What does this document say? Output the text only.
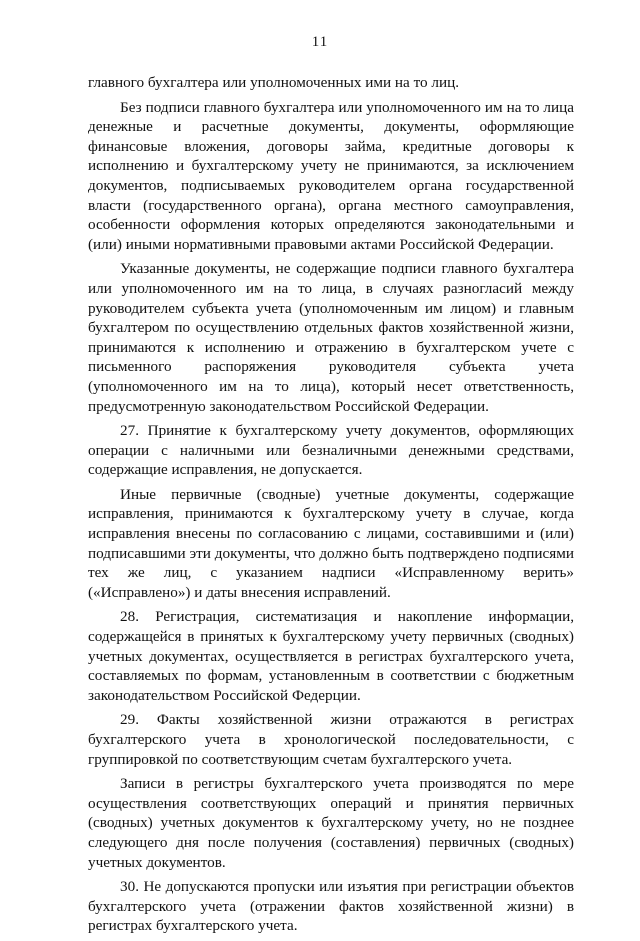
11

главного бухгалтера или уполномоченных ими на то лиц.

Без подписи главного бухгалтера или уполномоченного им на то лица денежные и расчетные документы, документы, оформляющие финансовые вложения, договоры займа, кредитные договоры к исполнению и бухгалтерскому учету не принимаются, за исключением документов, подписываемых руководителем органа государственной власти (государственного органа), органа местного самоуправления, особенности оформления которых определяются законодательными и (или) иными нормативными правовыми актами Российской Федерации.

Указанные документы, не содержащие подписи главного бухгалтера или уполномоченного им на то лица, в случаях разногласий между руководителем субъекта учета (уполномоченным им лицом) и главным бухгалтером по осуществлению отдельных фактов хозяйственной жизни, принимаются к исполнению и отражению в бухгалтерском учете с письменного распоряжения руководителя субъекта учета (уполномоченного им на то лица), который несет ответственность, предусмотренную законодательством Российской Федерации.

27. Принятие к бухгалтерскому учету документов, оформляющих операции с наличными или безналичными денежными средствами, содержащие исправления, не допускается.

Иные первичные (сводные) учетные документы, содержащие исправления, принимаются к бухгалтерскому учету в случае, когда исправления внесены по согласованию с лицами, составившими и (или) подписавшими эти документы, что должно быть подтверждено подписями тех же лиц, с указанием надписи «Исправленному верить» («Исправлено») и даты внесения исправлений.

28. Регистрация, систематизация и накопление информации, содержащейся в принятых к бухгалтерскому учету первичных (сводных) учетных документах, осуществляется в регистрах бухгалтерского учета, составляемых по формам, установленным в соответствии с бюджетным законодательством Российской Федерции.

29. Факты хозяйственной жизни отражаются в регистрах бухгалтерского учета в хронологической последовательности, с группировкой по соответствующим счетам бухгалтерского учета.

Записи в регистры бухгалтерского учета производятся по мере осуществления соответствующих операций и принятия первичных (сводных) учетных документов к бухгалтерскому учету, но не позднее следующего дня после получения (составления) первичных (сводных) учетных документов.

30. Не допускаются пропуски или изъятия при регистрации объектов бухгалтерского учета (отражении фактов хозяйственной жизни) в регистрах бухгалтерского учета.
